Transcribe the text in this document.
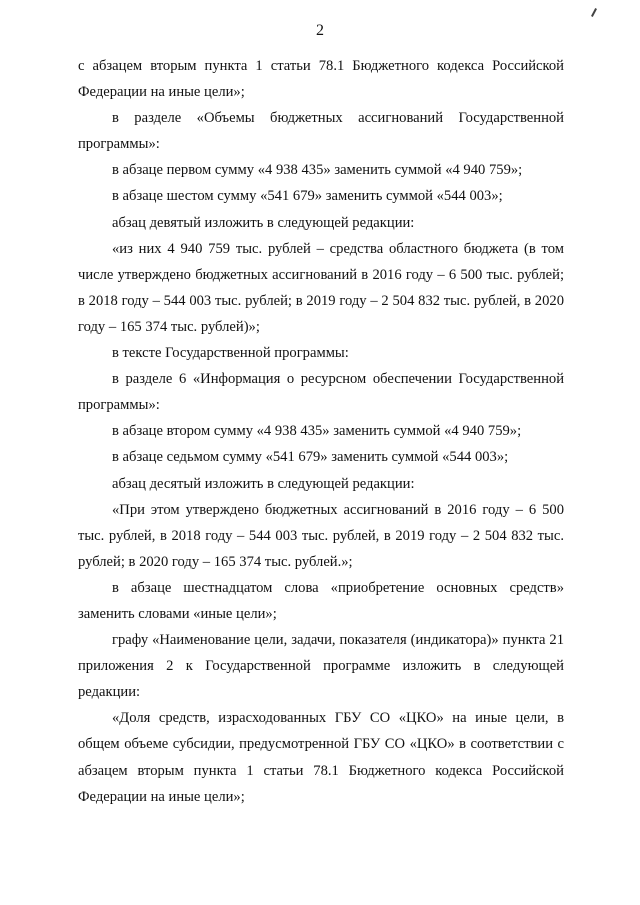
2

с абзацем вторым пункта 1 статьи 78.1 Бюджетного кодекса Российской Федерации на иные цели»;

в разделе «Объемы бюджетных ассигнований Государственной программы»:

в абзаце первом сумму «4 938 435» заменить суммой «4 940 759»;

в абзаце шестом сумму «541 679» заменить суммой «544 003»;

абзац девятый изложить в следующей редакции:

«из них 4 940 759 тыс. рублей – средства областного бюджета (в том числе утверждено бюджетных ассигнований в 2016 году – 6 500 тыс. рублей; в 2018 году – 544 003 тыс. рублей; в 2019 году – 2 504 832 тыс. рублей, в 2020 году – 165 374 тыс. рублей)»;

в тексте Государственной программы:

в разделе 6 «Информация о ресурсном обеспечении Государственной программы»:

в абзаце втором сумму «4 938 435» заменить суммой «4 940 759»;

в абзаце седьмом сумму «541 679» заменить суммой «544 003»;

абзац десятый изложить в следующей редакции:

«При этом утверждено бюджетных ассигнований в 2016 году – 6 500 тыс. рублей, в 2018 году – 544 003 тыс. рублей, в 2019 году – 2 504 832 тыс. рублей; в 2020 году – 165 374 тыс. рублей.»;

в абзаце шестнадцатом слова «приобретение основных средств» заменить словами «иные цели»;

графу «Наименование цели, задачи, показателя (индикатора)» пункта 21 приложения 2 к Государственной программе изложить в следующей редакции:

«Доля средств, израсходованных ГБУ СО «ЦКО» на иные цели, в общем объеме субсидии, предусмотренной ГБУ СО «ЦКО» в соответствии с абзацем вторым пункта 1 статьи 78.1 Бюджетного кодекса Российской Федерации на иные цели»;
